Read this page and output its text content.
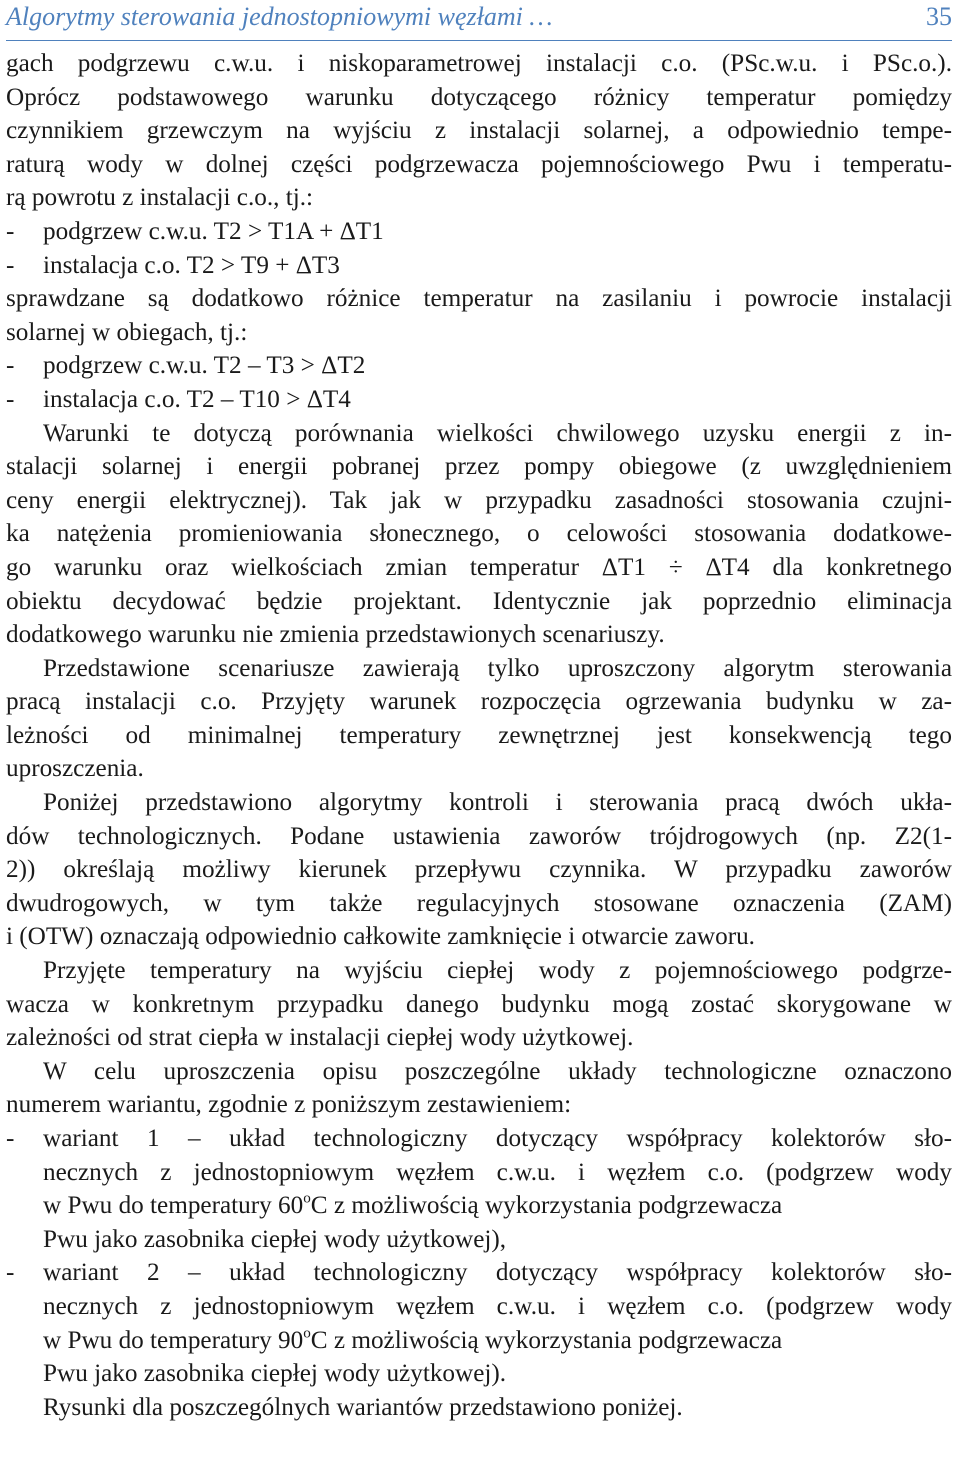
Algorytmy sterowania jednostopniowymi węzłami …	35
gach podgrzewu c.w.u. i niskoparametrowej instalacji c.o. (PSc.w.u. i PSc.o.).
Oprócz podstawowego warunku dotyczącego różnicy temperatur pomiędzy
czynnikiem grzewczym na wyjściu z instalacji solarnej, a odpowiednio tempe-
raturą wody w dolnej części podgrzewacza pojemnościowego Pwu i temperatu-
rą powrotu z instalacji c.o., tj.:
- podgrzew c.w.u. T2 > T1A + ΔT1
- instalacja c.o. T2 > T9 + ΔT3
sprawdzane są dodatkowo różnice temperatur na zasilaniu i powrocie instalacji
solarnej w obiegach, tj.:
- podgrzew c.w.u. T2 – T3 > ΔT2
- instalacja c.o. T2 – T10 > ΔT4
Warunki te dotyczą porównania wielkości chwilowego uzysku energii z in-
stalacji solarnej i energii pobranej przez pompy obiegowe (z uwzględnieniem
ceny energii elektrycznej). Tak jak w przypadku zasadności stosowania czujni-
ka natężenia promieniowania słonecznego, o celowości stosowania dodatkowe-
go warunku oraz wielkościach zmian temperatur ΔT1 ÷ ΔT4 dla konkretnego
obiektu decydować będzie projektant. Identycznie jak poprzednio eliminacja
dodatkowego warunku nie zmienia przedstawionych scenariuszy.
Przedstawione scenariusze zawierają tylko uproszczony algorytm sterowania
pracą instalacji c.o. Przyjęty warunek rozpoczęcia ogrzewania budynku w za-
leżności od minimalnej temperatury zewnętrznej jest konsekwencją tego
uproszczenia.
Poniżej przedstawiono algorytmy kontroli i sterowania pracą dwóch ukła-
dów technologicznych. Podane ustawienia zaworów trójdrogowych (np. Z2(1-
2)) określają możliwy kierunek przepływu czynnika. W przypadku zaworów
dwudrogowych, w tym także regulacyjnych stosowane oznaczenia (ZAM)
i (OTW) oznaczają odpowiednio całkowite zamknięcie i otwarcie zaworu.
Przyjęte temperatury na wyjściu ciepłej wody z pojemnościowego podgrze-
wacza w konkretnym przypadku danego budynku mogą zostać skorygowane w
zależności od strat ciepła w instalacji ciepłej wody użytkowej.
W celu uproszczenia opisu poszczególne układy technologiczne oznaczono
numerem wariantu, zgodnie z poniższym zestawieniem:
- wariant 1 – układ technologiczny dotyczący współpracy kolektorów sło-
necznych z jednostopniowym węzłem c.w.u. i węzłem c.o. (podgrzew wody
w Pwu do temperatury 60$^o$C z możliwością wykorzystania podgrzewacza
Pwu jako zasobnika ciepłej wody użytkowej),
- wariant 2 – układ technologiczny dotyczący współpracy kolektorów sło-
necznych z jednostopniowym węzłem c.w.u. i węzłem c.o. (podgrzew wody
w Pwu do temperatury 90$^o$C z możliwością wykorzystania podgrzewacza
Pwu jako zasobnika ciepłej wody użytkowej).
Rysunki dla poszczególnych wariantów przedstawiono poniżej.
